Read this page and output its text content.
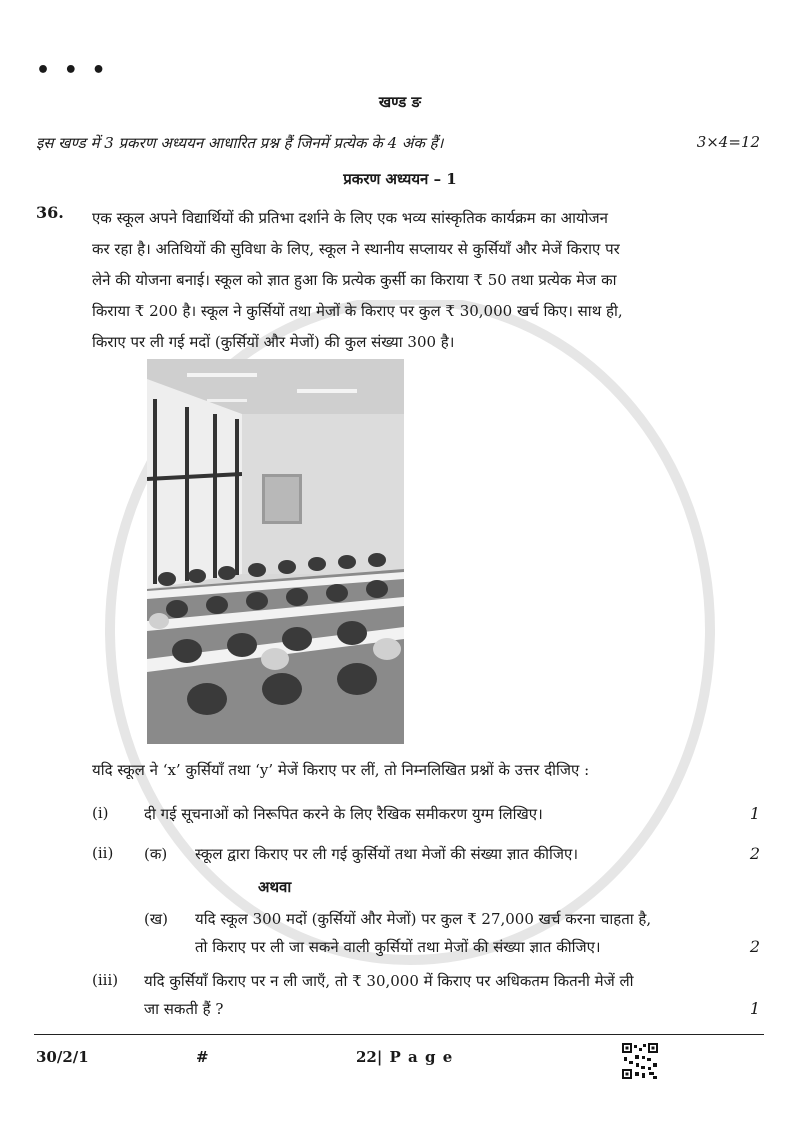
• • •
खण्ड ङ
इस खण्ड में 3 प्रकरण अध्ययन आधारित प्रश्न हैं जिनमें प्रत्येक के 4 अंक हैं।	3×4=12
प्रकरण अध्ययन – 1
36. एक स्कूल अपने विद्यार्थियों की प्रतिभा दर्शाने के लिए एक भव्य सांस्कृतिक कार्यक्रम का आयोजन
कर रहा है। अतिथियों की सुविधा के लिए, स्कूल ने स्थानीय सप्लायर से कुर्सियाँ और मेजें किराए पर
लेने की योजना बनाई। स्कूल को ज्ञात हुआ कि प्रत्येक कुर्सी का किराया ₹ 50 तथा प्रत्येक मेज का
किराया ₹ 200 है। स्कूल ने कुर्सियों तथा मेजों के किराए पर कुल ₹ 30,000 खर्च किए। साथ ही,
किराए पर ली गई मदों (कुर्सियों और मेजों) की कुल संख्या 300 है।
यदि स्कूल ने ‘x’ कुर्सियाँ तथा ‘y’ मेजें किराए पर लीं, तो निम्नलिखित प्रश्नों के उत्तर दीजिए :
(i) दी गई सूचनाओं को निरूपित करने के लिए रैखिक समीकरण युग्म लिखिए।	1
(ii) (क) स्कूल द्वारा किराए पर ली गई कुर्सियों तथा मेजों की संख्या ज्ञात कीजिए।	2
अथवा
(ख) यदि स्कूल 300 मदों (कुर्सियों और मेजों) पर कुल ₹ 27,000 खर्च करना चाहता है,
तो किराए पर ली जा सकने वाली कुर्सियों तथा मेजों की संख्या ज्ञात कीजिए।	2
(iii) यदि कुर्सियाँ किराए पर न ली जाएँ, तो ₹ 30,000 में किराए पर अधिकतम कितनी मेजें ली
जा सकती हैं ?	1
30/2/1	#	22| P a g e
